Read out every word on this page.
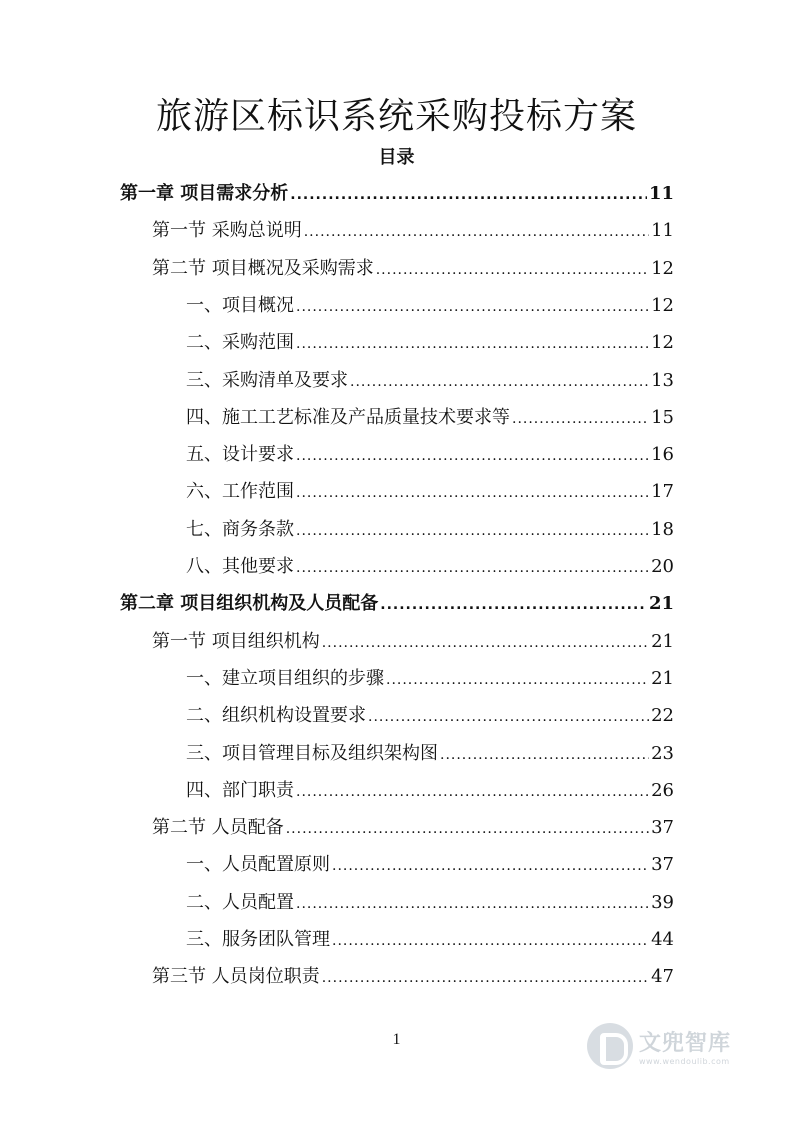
旅游区标识系统采购投标方案
目录
第一章 项目需求分析 .....	11
第一节 采购总说明 .....	11
第二节 项目概况及采购需求 .....	12
一、项目概况 .....	12
二、采购范围 .....	12
三、采购清单及要求 .....	13
四、施工工艺标准及产品质量技术要求等 .....	15
五、设计要求 .....	16
六、工作范围 .....	17
七、商务条款 .....	18
八、其他要求 .....	20
第二章 项目组织机构及人员配备 .....	21
第一节 项目组织机构 .....	21
一、建立项目组织的步骤 .....	21
二、组织机构设置要求 .....	22
三、项目管理目标及组织架构图 .....	23
四、部门职责 .....	26
第二节 人员配备 .....	37
一、人员配置原则 .....	37
二、人员配置 .....	39
三、服务团队管理 .....	44
第三节 人员岗位职责 .....	47
1	文兜智库
www.wendoulib.com
